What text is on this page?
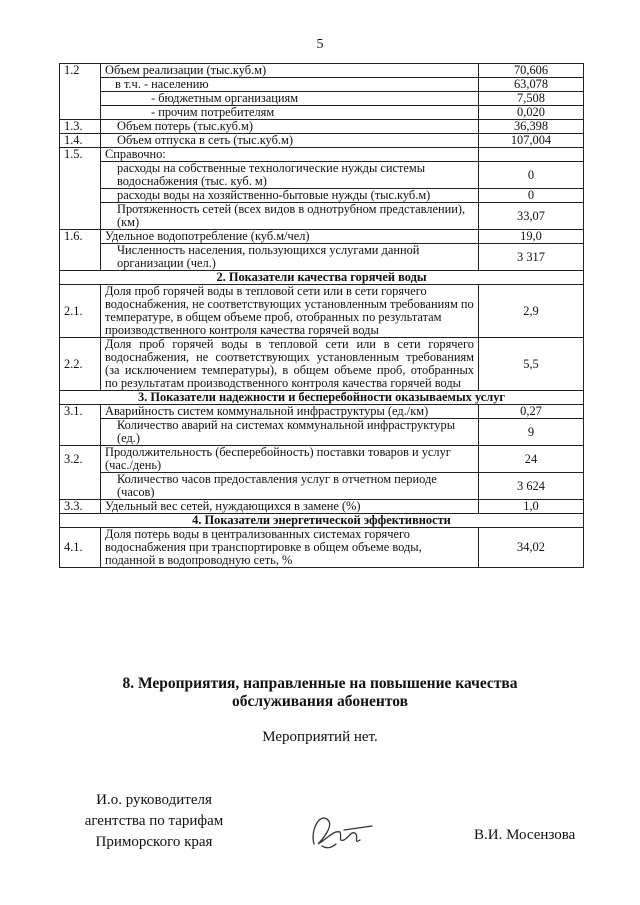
5
1.2	Объем реализации (тыс.куб.м)	70,606
	в т.ч. - населению	63,078
	- бюджетным организациям	7,508
	- прочим потребителям	0,020
1.3.	Объем потерь (тыс.куб.м)	36,398
1.4.	Объем отпуска в сеть (тыс.куб.м)	107,004
1.5.	Справочно:	
	расходы на собственные технологические нужды системы водоснабжения (тыс. куб. м)	0
	расходы воды на хозяйственно-бытовые нужды (тыс.куб.м)	0
	Протяженность сетей (всех видов в однотрубном представлении), (км)	33,07
1.6.	Удельное водопотребление (куб.м/чел)	19,0
	Численность населения, пользующихся услугами данной организации (чел.)	3 317
2. Показатели качества горячей воды		
2.1.	Доля проб горячей воды в тепловой сети или в сети горячего водоснабжения, не соответствующих установленным требованиям по температуре, в общем объеме проб, отобранных по результатам производственного контроля качества горячей воды	2,9
2.2.	Доля проб горячей воды в тепловой сети или в сети горячего водоснабжения, не соответствующих установленным требованиям (за исключением температуры), в общем объеме проб, отобранных по результатам производственного контроля качества горячей воды	5,5
3. Показатели надежности и бесперебойности оказываемых услуг		
3.1.	Аварийность систем коммунальной инфраструктуры (ед./км)	0,27
	Количество аварий на системах коммунальной инфраструктуры (ед.)	9
3.2.	Продолжительность (бесперебойность) поставки товаров и услуг (час./день)	24
	Количество часов предоставления услуг в отчетном периоде (часов)	3 624
3.3.	Удельный вес сетей, нуждающихся в замене (%)	1,0
4. Показатели энергетической эффективности		
4.1.	Доля потерь воды в централизованных системах горячего водоснабжения при транспортировке в общем объеме воды, поданной в водопроводную сеть, %	34,02
8. Мероприятия, направленные на повышение качества
обслуживания абонентов
Мероприятий нет.
И.о. руководителя
агентства по тарифам
Приморского края	В.И. Мосензова
